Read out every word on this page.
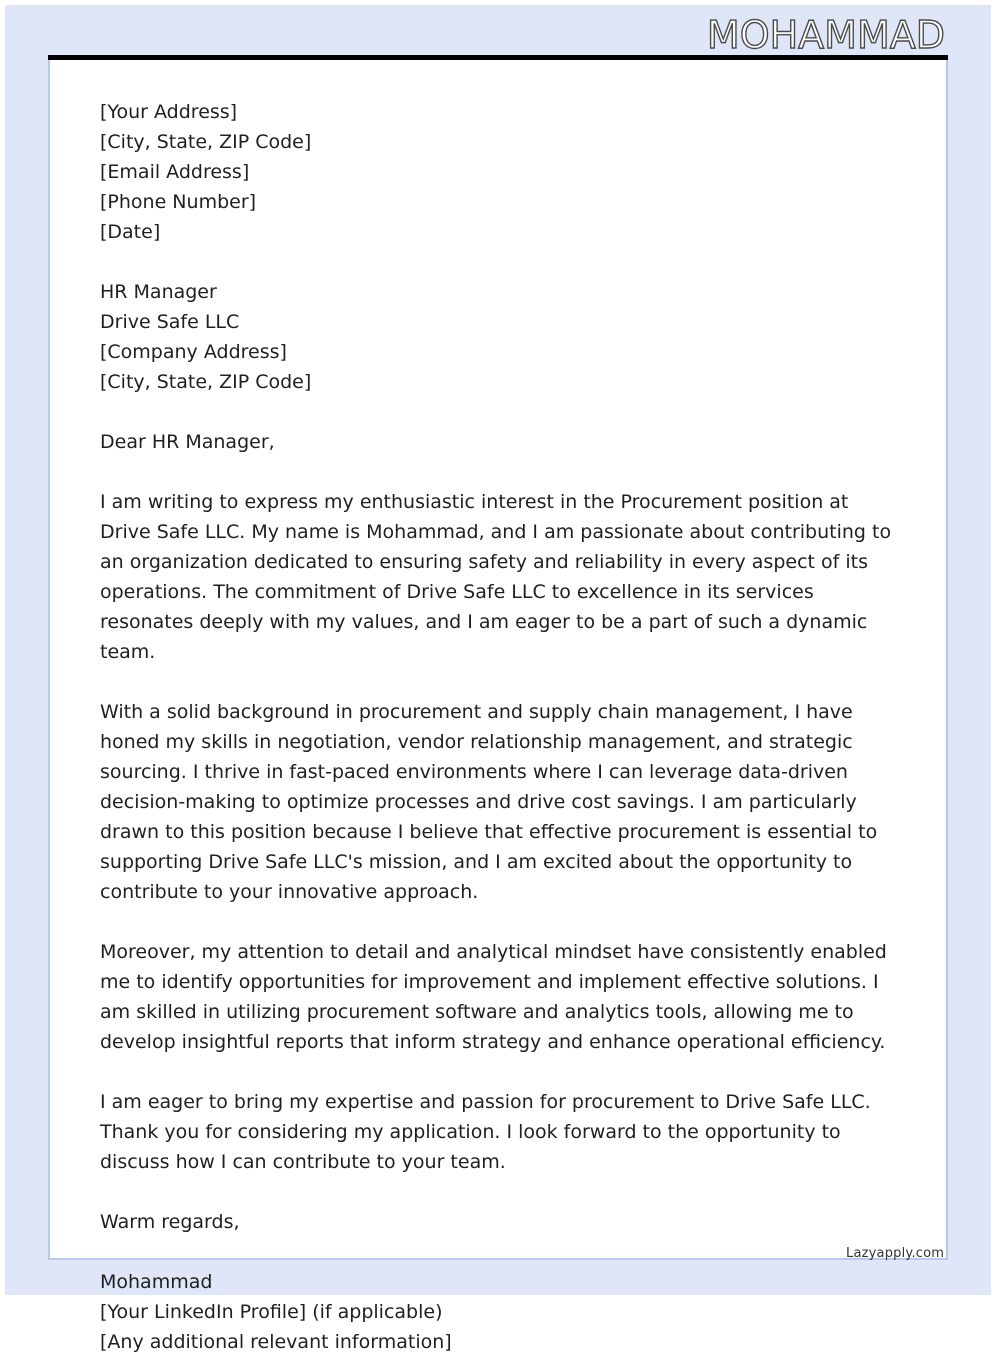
MOHAMMAD
[Your Address]
[City, State, ZIP Code]
[Email Address]
[Phone Number]
[Date]
HR Manager
Drive Safe LLC
[Company Address]
[City, State, ZIP Code]
Dear HR Manager,
I am writing to express my enthusiastic interest in the Procurement position at Drive Safe LLC. My name is Mohammad, and I am passionate about contributing to an organization dedicated to ensuring safety and reliability in every aspect of its operations. The commitment of Drive Safe LLC to excellence in its services resonates deeply with my values, and I am eager to be a part of such a dynamic team.
With a solid background in procurement and supply chain management, I have honed my skills in negotiation, vendor relationship management, and strategic sourcing. I thrive in fast-paced environments where I can leverage data-driven decision-making to optimize processes and drive cost savings. I am particularly drawn to this position because I believe that effective procurement is essential to supporting Drive Safe LLC's mission, and I am excited about the opportunity to contribute to your innovative approach.
Moreover, my attention to detail and analytical mindset have consistently enabled me to identify opportunities for improvement and implement effective solutions. I am skilled in utilizing procurement software and analytics tools, allowing me to develop insightful reports that inform strategy and enhance operational efficiency.
I am eager to bring my expertise and passion for procurement to Drive Safe LLC. Thank you for considering my application. I look forward to the opportunity to discuss how I can contribute to your team.
Warm regards,
Mohammad
[Your LinkedIn Profile] (if applicable)
[Any additional relevant information]
Lazyapply.com
